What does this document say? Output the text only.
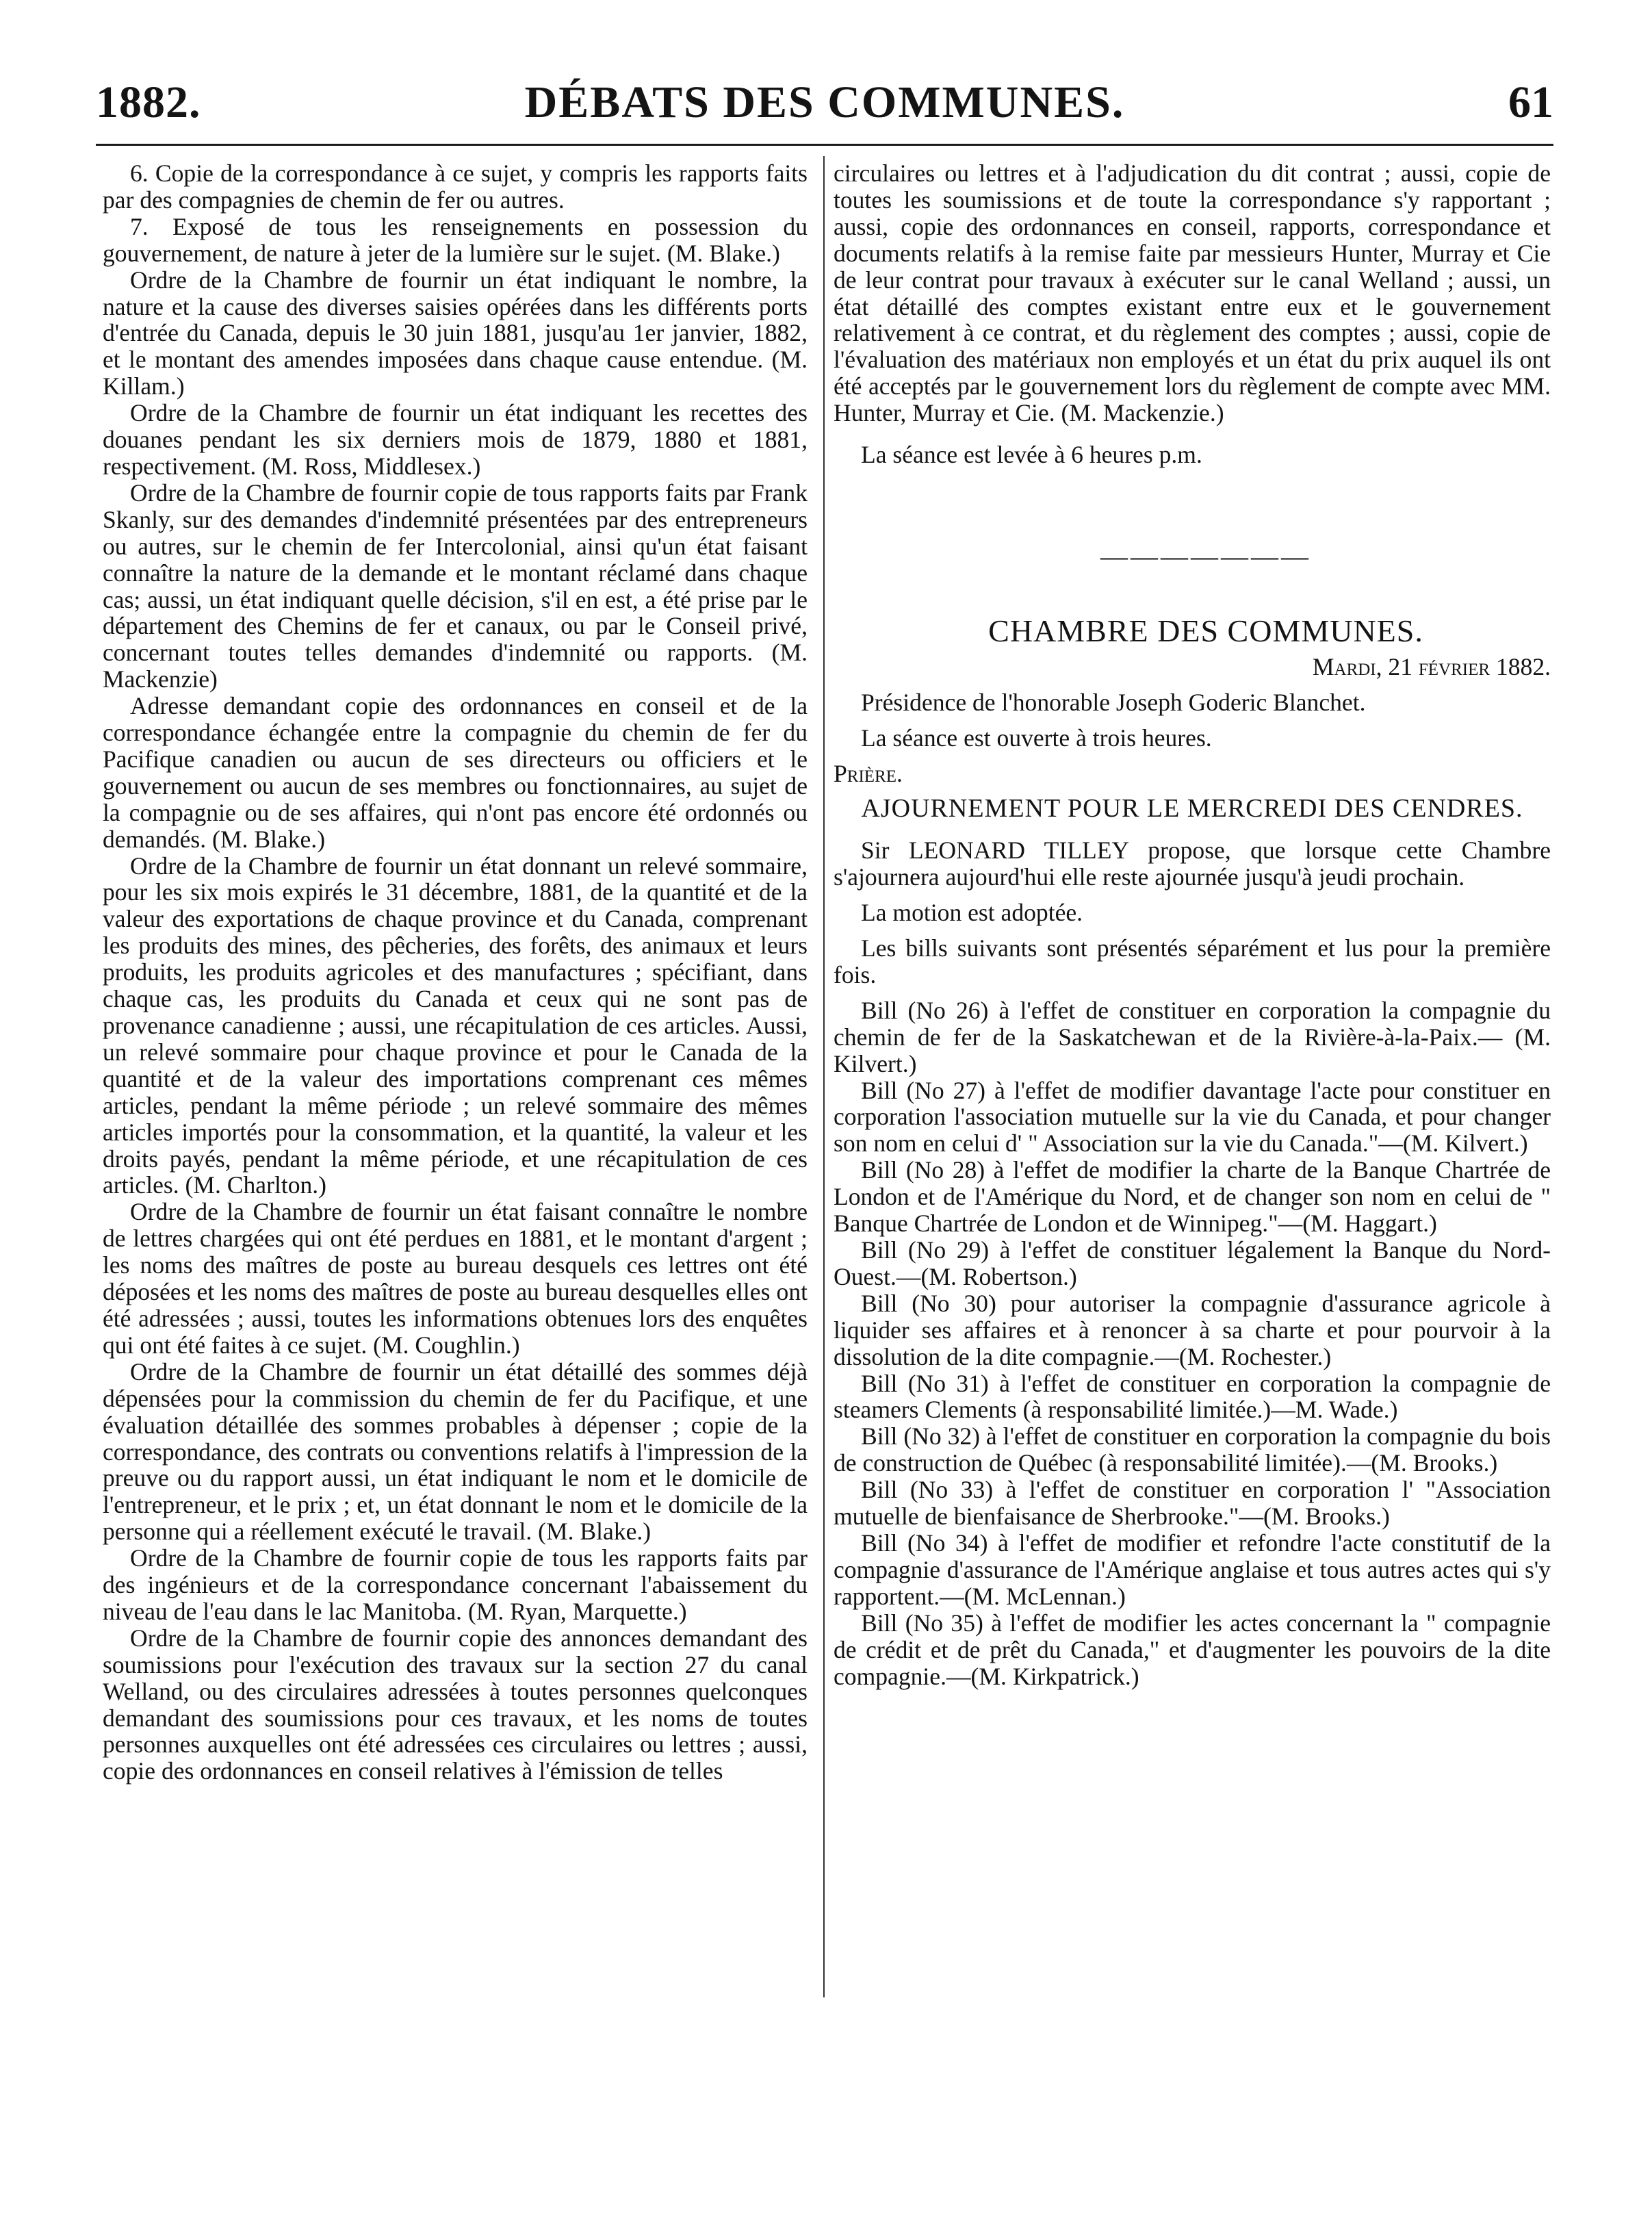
DÉBATS DES COMMUNES.
1882.	61

6. Copie de la correspondance à ce sujet, y compris les rapports faits par des compagnies de chemin de fer ou autres.

7. Exposé de tous les renseignements en possession du gouvernement, de nature à jeter de la lumière sur le sujet. (M. Blake.)

Ordre de la Chambre de fournir un état indiquant le nombre, la nature et la cause des diverses saisies opérées dans les différents ports d'entrée du Canada, depuis le 30 juin 1881, jusqu'au 1er janvier, 1882, et le montant des amendes imposées dans chaque cause entendue. (M. Killam.)

Ordre de la Chambre de fournir un état indiquant les recettes des douanes pendant les six derniers mois de 1879, 1880 et 1881, respectivement. (M. Ross, Middlesex.)

Ordre de la Chambre de fournir copie de tous rapports faits par Frank Skanly, sur des demandes d'indemnité présentées par des entrepreneurs ou autres, sur le chemin de fer Intercolonial, ainsi qu'un état faisant connaître la nature de la demande et le montant réclamé dans chaque cas; aussi, un état indiquant quelle décision, s'il en est, a été prise par le département des Chemins de fer et canaux, ou par le Conseil privé, concernant toutes telles demandes d'indemnité ou rapports. (M. Mackenzie)

Adresse demandant copie des ordonnances en conseil et de la correspondance échangée entre la compagnie du chemin de fer du Pacifique canadien ou aucun de ses directeurs ou officiers et le gouvernement ou aucun de ses membres ou fonctionnaires, au sujet de la compagnie ou de ses affaires, qui n'ont pas encore été ordonnés ou demandés. (M. Blake.)

Ordre de la Chambre de fournir un état donnant un relevé sommaire, pour les six mois expirés le 31 décembre, 1881, de la quantité et de la valeur des exportations de chaque province et du Canada, comprenant les produits des mines, des pêcheries, des forêts, des animaux et leurs produits, les produits agricoles et des manufactures ; spécifiant, dans chaque cas, les produits du Canada et ceux qui ne sont pas de provenance canadienne ; aussi, une récapitulation de ces articles. Aussi, un relevé sommaire pour chaque province et pour le Canada de la quantité et de la valeur des importations comprenant ces mêmes articles, pendant la même période ; un relevé sommaire des mêmes articles importés pour la consommation, et la quantité, la valeur et les droits payés, pendant la même période, et une récapitulation de ces articles. (M. Charlton.)

Ordre de la Chambre de fournir un état faisant connaître le nombre de lettres chargées qui ont été perdues en 1881, et le montant d'argent ; les noms des maîtres de poste au bureau desquels ces lettres ont été déposées et les noms des maîtres de poste au bureau desquelles elles ont été adressées ; aussi, toutes les informations obtenues lors des enquêtes qui ont été faites à ce sujet. (M. Coughlin.)

Ordre de la Chambre de fournir un état détaillé des sommes déjà dépensées pour la commission du chemin de fer du Pacifique, et une évaluation détaillée des sommes probables à dépenser ; copie de la correspondance, des contrats ou conventions relatifs à l'impression de la preuve ou du rapport aussi, un état indiquant le nom et le domicile de l'entrepreneur, et le prix ; et, un état donnant le nom et le domicile de la personne qui a réellement exécuté le travail. (M. Blake.)

Ordre de la Chambre de fournir copie de tous les rapports faits par des ingénieurs et de la correspondance concernant l'abaissement du niveau de l'eau dans le lac Manitoba. (M. Ryan, Marquette.)

Ordre de la Chambre de fournir copie des annonces demandant des soumissions pour l'exécution des travaux sur la section 27 du canal Welland, ou des circulaires adressées à toutes personnes quelconques demandant des soumissions pour ces travaux, et les noms de toutes personnes auxquelles ont été adressées ces circulaires ou lettres ; aussi, copie des ordonnances en conseil relatives à l'émission de telles

circulaires ou lettres et à l'adjudication du dit contrat ; aussi, copie de toutes les soumissions et de toute la correspondance s'y rapportant ; aussi, copie des ordonnances en conseil, rapports, correspondance et documents relatifs à la remise faite par messieurs Hunter, Murray et Cie de leur contrat pour travaux à exécuter sur le canal Welland ; aussi, un état détaillé des comptes existant entre eux et le gouvernement relativement à ce contrat, et du règlement des comptes ; aussi, copie de l'évaluation des matériaux non employés et un état du prix auquel ils ont été acceptés par le gouvernement lors du règlement de compte avec MM. Hunter, Murray et Cie. (M. Mackenzie.)

La séance est levée à 6 heures p.m.

———————

CHAMBRE DES COMMUNES.

Mardi, 21 février 1882.

Présidence de l'honorable Joseph Goderic Blanchet.

La séance est ouverte à trois heures.

Prière.

AJOURNEMENT POUR LE MERCREDI DES CENDRES.

Sir LEONARD TILLEY propose, que lorsque cette Chambre s'ajournera aujourd'hui elle reste ajournée jusqu'à jeudi prochain.

La motion est adoptée.

Les bills suivants sont présentés séparément et lus pour la première fois.

Bill (No 26) à l'effet de constituer en corporation la compagnie du chemin de fer de la Saskatchewan et de la Rivière-à-la-Paix.— (M. Kilvert.)

Bill (No 27) à l'effet de modifier davantage l'acte pour constituer en corporation l'association mutuelle sur la vie du Canada, et pour changer son nom en celui d' " Association sur la vie du Canada."—(M. Kilvert.)

Bill (No 28) à l'effet de modifier la charte de la Banque Chartrée de London et de l'Amérique du Nord, et de changer son nom en celui de " Banque Chartrée de London et de Winnipeg."—(M. Haggart.)

Bill (No 29) à l'effet de constituer légalement la Banque du Nord-Ouest.—(M. Robertson.)

Bill (No 30) pour autoriser la compagnie d'assurance agricole à liquider ses affaires et à renoncer à sa charte et pour pourvoir à la dissolution de la dite compagnie.—(M. Rochester.)

Bill (No 31) à l'effet de constituer en corporation la compagnie de steamers Clements (à responsabilité limitée.)—M. Wade.)

Bill (No 32) à l'effet de constituer en corporation la compagnie du bois de construction de Québec (à responsabilité limitée).—(M. Brooks.)

Bill (No 33) à l'effet de constituer en corporation l' "Association mutuelle de bienfaisance de Sherbrooke."—(M. Brooks.)

Bill (No 34) à l'effet de modifier et refondre l'acte constitutif de la compagnie d'assurance de l'Amérique anglaise et tous autres actes qui s'y rapportent.—(M. McLennan.)

Bill (No 35) à l'effet de modifier les actes concernant la " compagnie de crédit et de prêt du Canada," et d'augmenter les pouvoirs de la dite compagnie.—(M. Kirkpatrick.)
